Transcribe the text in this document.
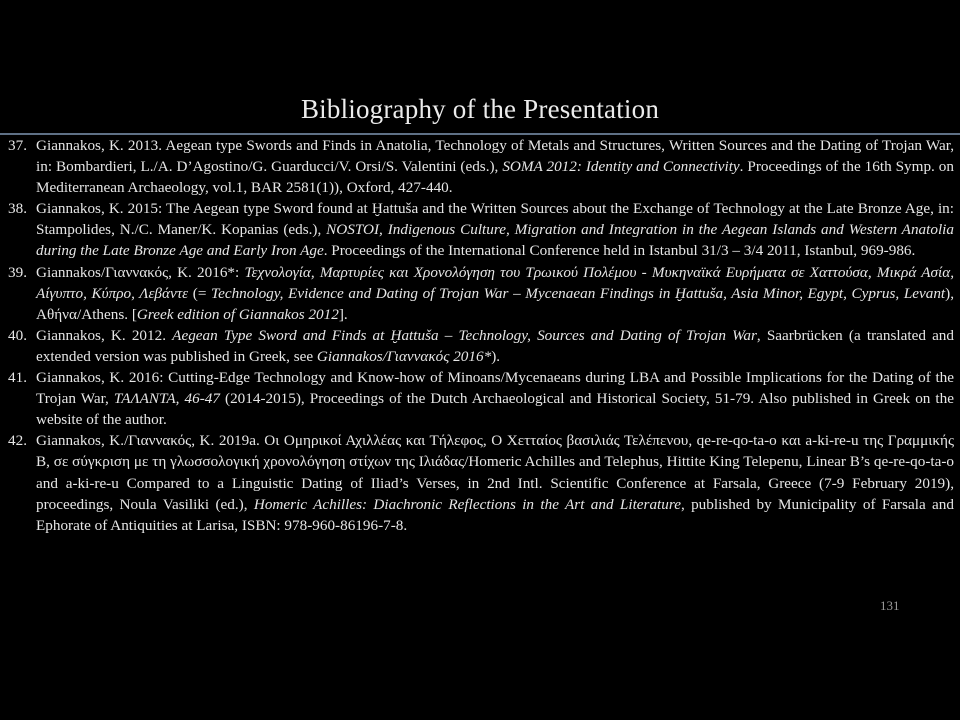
Bibliography of the Presentation
37. Giannakos, K. 2013. Aegean type Swords and Finds in Anatolia, Technology of Metals and Structures, Written Sources and the Dating of Trojan War, in: Bombardieri, L./A. D’Agostino/G. Guarducci/V. Orsi/S. Valentini (eds.), SOMA 2012: Identity and Connectivity. Proceedings of the 16th Symp. on Mediterranean Archaeology, vol.1, BAR 2581(1)), Oxford, 427-440.
38. Giannakos, K. 2015: The Aegean type Sword found at Ḫattuša and the Written Sources about the Exchange of Technology at the Late Bronze Age, in: Stampolides, N./C. Maner/K. Kopanias (eds.), NOSTOI, Indigenous Culture, Migration and Integration in the Aegean Islands and Western Anatolia during the Late Bronze Age and Early Iron Age. Proceedings of the International Conference held in Istanbul 31/3 – 3/4 2011, Istanbul, 969-986.
39. Giannakos/Γιαννακός, K. 2016*: Τεχνολογία, Μαρτυρίες και Χρονολόγηση του Τρωικού Πολέμου - Μυκηναϊκά Ευρήματα σε Χαττούσα, Μικρά Ασία, Αίγυπτο, Κύπρο, Λεβάντε (= Technology, Evidence and Dating of Trojan War – Mycenaean Findings in Ḫattuša, Asia Minor, Egypt, Cyprus, Levant), Αθήνα/Athens. [Greek edition of Giannakos 2012].
40. Giannakos, K. 2012. Aegean Type Sword and Finds at Ḫattuša – Technology, Sources and Dating of Trojan War, Saarbrücken (a translated and extended version was published in Greek, see Giannakos/Γιαννακός 2016*).
41. Giannakos, K. 2016: Cutting-Edge Technology and Know-how of Minoans/Mycenaeans during LBA and Possible Implications for the Dating of the Trojan War, ΤΑΛΑΝΤΑ, 46-47 (2014-2015), Proceedings of the Dutch Archaeological and Historical Society, 51-79. Also published in Greek on the website of the author.
42. Giannakos, K./Γιαννακός, K. 2019a. Οι Ομηρικοί Αχιλλέας και Τήλεφος, Ο Χετταίος βασιλιάς Τελέπενου, qe-re-qo-ta-o και a-ki-re-u της Γραμμικής Β, σε σύγκριση με τη γλωσσολογική χρονολόγηση στίχων της Ιλιάδας/Homeric Achilles and Telephus, Hittite King Telepenu, Linear B’s qe-re-qo-ta-o and a-ki-re-u Compared to a Linguistic Dating of Iliad’s Verses, in 2nd Intl. Scientific Conference at Farsala, Greece (7-9 February 2019), proceedings, Noula Vasiliki (ed.), Homeric Achilles: Diachronic Reflections in the Art and Literature, published by Municipality of Farsala and Ephorate of Antiquities at Larisa, ISBN: 978-960-86196-7-8.
131
